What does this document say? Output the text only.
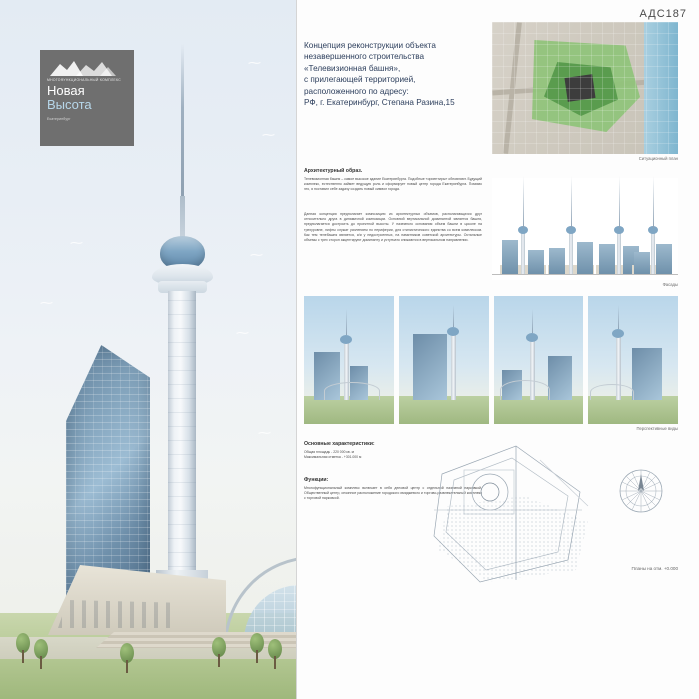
⁓
⁓
⁓
⁓
⁓
⁓
⁓
⁓
⁓
МНОГОФУНКЦИОНАЛЬНЫЙ КОМПЛЕКС
Новая
Высота
Екатеринбург
АДС187
Концепция реконструкции объекта
незавершенного строительства
«Телевизионная башня»,
с прилегающей территорией,
расположенного по адресу:
РФ, г. Екатеринбург, Степана Разина,15
Архитектурный образ.
Телевизионная башня – самое высокое здание Екатеринбурга. Подобные «ориентиры» обновляют. Будущий комплекс, естественно займет ведущую роль и сформирует новый центр города Екатеринбурга. Помимо это, я поставил себе задачу создать новый символ города.
Данная концепция предполагает композицию из архитектурных объемов, располагающихся друг относительно друга в динамичной композиции. Основной вертикальной доминантой является башня, предполагается достроить до проектной высоты. У наземного основания объем башни в цоколе на трехуровне, лифты служат усилением по периферии, для стилистического единства со всем комплексом. Как тем телебашня является, и/и у недостроенных, на памятников советской архитектуры. Остальные объемы с трех сторон акцентируют доминанту и уступчато снижаются в вертикальном направлении.
Основные характеристики:
Общая площадь - 220 000 кв. м
Максимальная отметка - +301.000 м
Функции:
Многофункциональный комплекс включает в себя деловой центр с отдельной наземной парковкой, Общественный центр, сезонное расположение городского имиджевого и торгово-развлекательный комплекс с торговой парковкой.
Ситуационный план
Фасады
Перспективные виды
Планы на отм. +0.000
